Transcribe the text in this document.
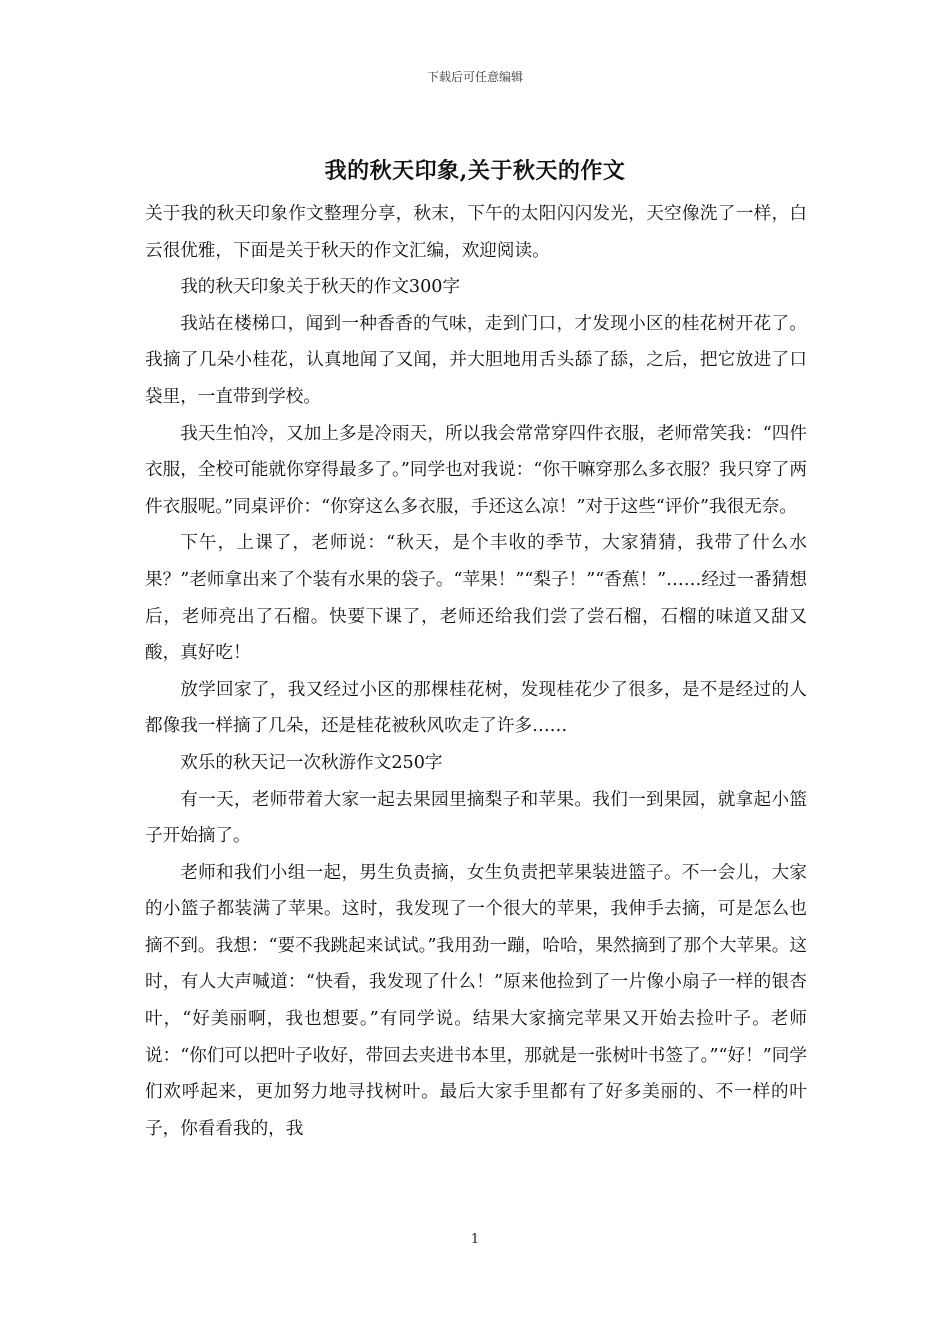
下载后可任意编辑
我的秋天印象,关于秋天的作文

关于我的秋天印象作文整理分享，秋末，下午的太阳闪闪发光，天空像洗了一样，白云很优雅，下面是关于秋天的作文汇编，欢迎阅读。

我的秋天印象关于秋天的作文300字

我站在楼梯口，闻到一种香香的气味，走到门口，才发现小区的桂花树开花了。我摘了几朵小桂花，认真地闻了又闻，并大胆地用舌头舔了舔，之后，把它放进了口袋里，一直带到学校。

我天生怕冷，又加上多是冷雨天，所以我会常常穿四件衣服，老师常笑我：“四件衣服，全校可能就你穿得最多了。”同学也对我说：“你干嘛穿那么多衣服？我只穿了两件衣服呢。”同桌评价：“你穿这么多衣服，手还这么凉！”对于这些“评价”我很无奈。

下午，上课了，老师说：“秋天，是个丰收的季节，大家猜猜，我带了什么水果？”老师拿出来了个装有水果的袋子。“苹果！”“梨子！”“香蕉！”……经过一番猜想后，老师亮出了石榴。快要下课了，老师还给我们尝了尝石榴，石榴的味道又甜又酸，真好吃！

放学回家了，我又经过小区的那棵桂花树，发现桂花少了很多，是不是经过的人都像我一样摘了几朵，还是桂花被秋风吹走了许多……

欢乐的秋天记一次秋游作文250字

有一天，老师带着大家一起去果园里摘梨子和苹果。我们一到果园，就拿起小篮子开始摘了。

老师和我们小组一起，男生负责摘，女生负责把苹果装进篮子。不一会儿，大家的小篮子都装满了苹果。这时，我发现了一个很大的苹果，我伸手去摘，可是怎么也摘不到。我想：“要不我跳起来试试。”我用劲一蹦，哈哈，果然摘到了那个大苹果。这时，有人大声喊道：“快看，我发现了什么！”原来他捡到了一片像小扇子一样的银杏叶，“好美丽啊，我也想要。”有同学说。结果大家摘完苹果又开始去捡叶子。老师说：“你们可以把叶子收好，带回去夹进书本里，那就是一张树叶书签了。”“好！”同学们欢呼起来，更加努力地寻找树叶。最后大家手里都有了好多美丽的、不一样的叶子，你看看我的，我

1
